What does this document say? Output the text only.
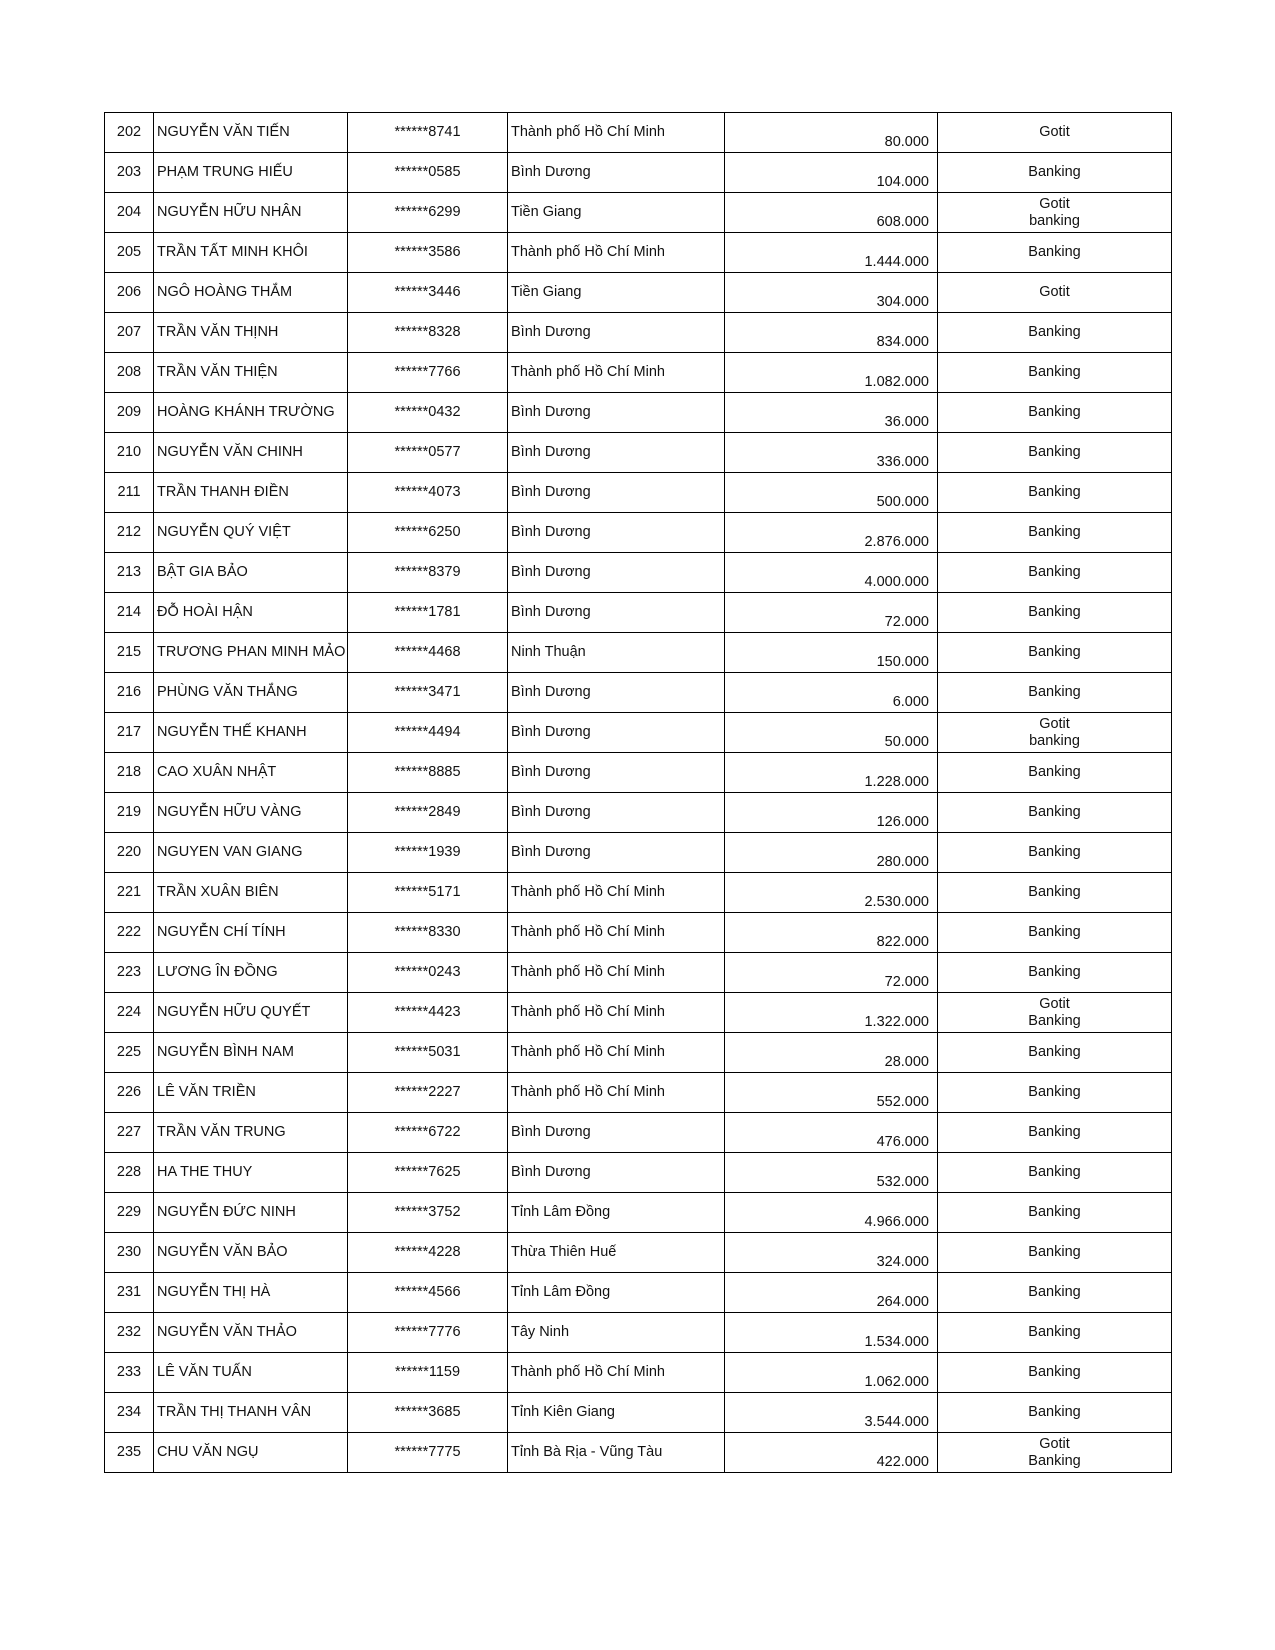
202	NGUYỄN VĂN TIẾN	******8741	Thành phố Hồ Chí Minh	80.000	Gotit

203	PHẠM TRUNG HIẾU	******0585	Bình Dương	104.000	Banking

204	NGUYỄN HỮU NHÂN	******6299	Tiền Giang	608.000	Gotit
banking

205	TRẦN TẤT MINH KHÔI	******3586	Thành phố Hồ Chí Minh	1.444.000	Banking

206	NGÔ HOÀNG THẮM	******3446	Tiền Giang	304.000	Gotit

207	TRẦN VĂN THỊNH	******8328	Bình Dương	834.000	Banking

208	TRẦN VĂN THIỆN	******7766	Thành phố Hồ Chí Minh	1.082.000	Banking

209	HOÀNG KHÁNH TRƯỜNG	******0432	Bình Dương	36.000	Banking

210	NGUYỄN VĂN CHINH	******0577	Bình Dương	336.000	Banking

211	TRẦN THANH ĐIỀN	******4073	Bình Dương	500.000	Banking

212	NGUYỄN QUÝ VIỆT	******6250	Bình Dương	2.876.000	Banking

213	BẬT GIA BẢO	******8379	Bình Dương	4.000.000	Banking

214	ĐỖ HOÀI HẬN	******1781	Bình Dương	72.000	Banking

215	TRƯƠNG PHAN MINH MẢO	******4468	Ninh Thuận	150.000	Banking

216	PHÙNG VĂN THẮNG	******3471	Bình Dương	6.000	Banking

217	NGUYỄN THẾ KHANH	******4494	Bình Dương	50.000	Gotit
banking

218	CAO XUÂN NHẬT	******8885	Bình Dương	1.228.000	Banking

219	NGUYỄN HỮU VÀNG	******2849	Bình Dương	126.000	Banking

220	NGUYEN VAN GIANG	******1939	Bình Dương	280.000	Banking

221	TRẦN XUÂN BIÊN	******5171	Thành phố Hồ Chí Minh	2.530.000	Banking

222	NGUYỄN CHÍ TÍNH	******8330	Thành phố Hồ Chí Minh	822.000	Banking

223	LƯƠNG ÎN ĐỒNG	******0243	Thành phố Hồ Chí Minh	72.000	Banking

224	NGUYỄN HỮU QUYẾT	******4423	Thành phố Hồ Chí Minh	1.322.000	Gotit
Banking

225	NGUYỄN BÌNH NAM	******5031	Thành phố Hồ Chí Minh	28.000	Banking

226	LÊ VĂN TRIỀN	******2227	Thành phố Hồ Chí Minh	552.000	Banking

227	TRẦN VĂN TRUNG	******6722	Bình Dương	476.000	Banking

228	HA THE THUY	******7625	Bình Dương	532.000	Banking

229	NGUYỄN ĐỨC NINH	******3752	Tỉnh Lâm Đồng	4.966.000	Banking

230	NGUYỄN VĂN BẢO	******4228	Thừa Thiên Huế	324.000	Banking

231	NGUYỄN THỊ HÀ	******4566	Tỉnh Lâm Đồng	264.000	Banking

232	NGUYỄN VĂN THẢO	******7776	Tây Ninh	1.534.000	Banking

233	LÊ VĂN TUẤN	******1159	Thành phố Hồ Chí Minh	1.062.000	Banking

234	TRẦN THỊ THANH VÂN	******3685	Tỉnh Kiên Giang	3.544.000	Banking

235	CHU VĂN NGỤ	******7775	Tỉnh Bà Rịa - Vũng Tàu	422.000	Gotit
Banking
